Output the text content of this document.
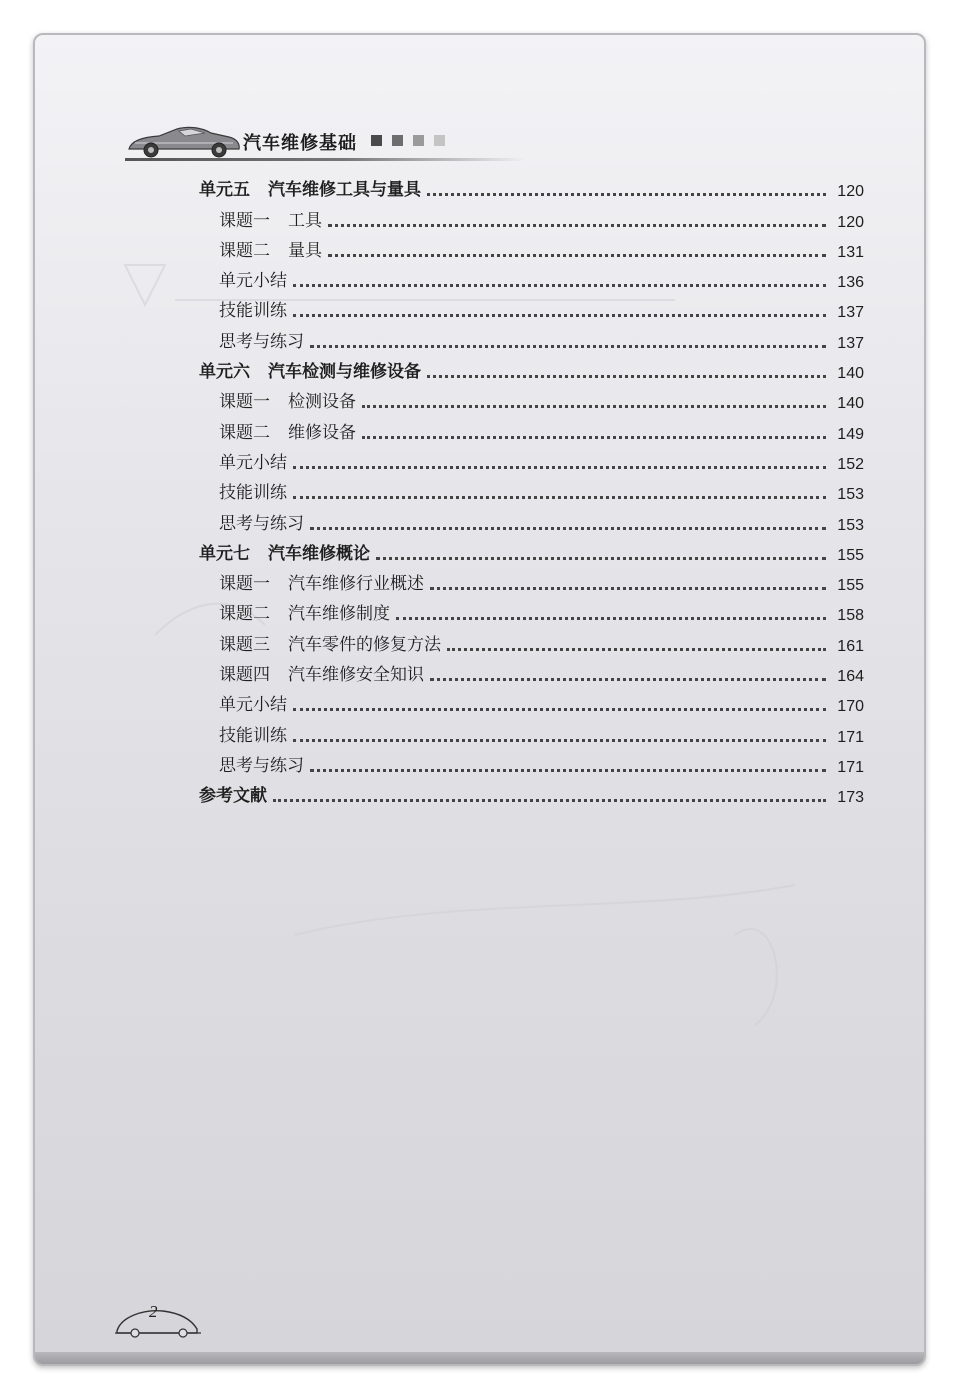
汽车维修基础
单元五 汽车维修工具与量具	120
课题一 工具	120
课题二 量具	131
单元小结	136
技能训练	137
思考与练习	137
单元六 汽车检测与维修设备	140
课题一 检测设备	140
课题二 维修设备	149
单元小结	152
技能训练	153
思考与练习	153
单元七 汽车维修概论	155
课题一 汽车维修行业概述	155
课题二 汽车维修制度	158
课题三 汽车零件的修复方法	161
课题四 汽车维修安全知识	164
单元小结	170
技能训练	171
思考与练习	171
参考文献	173
2
